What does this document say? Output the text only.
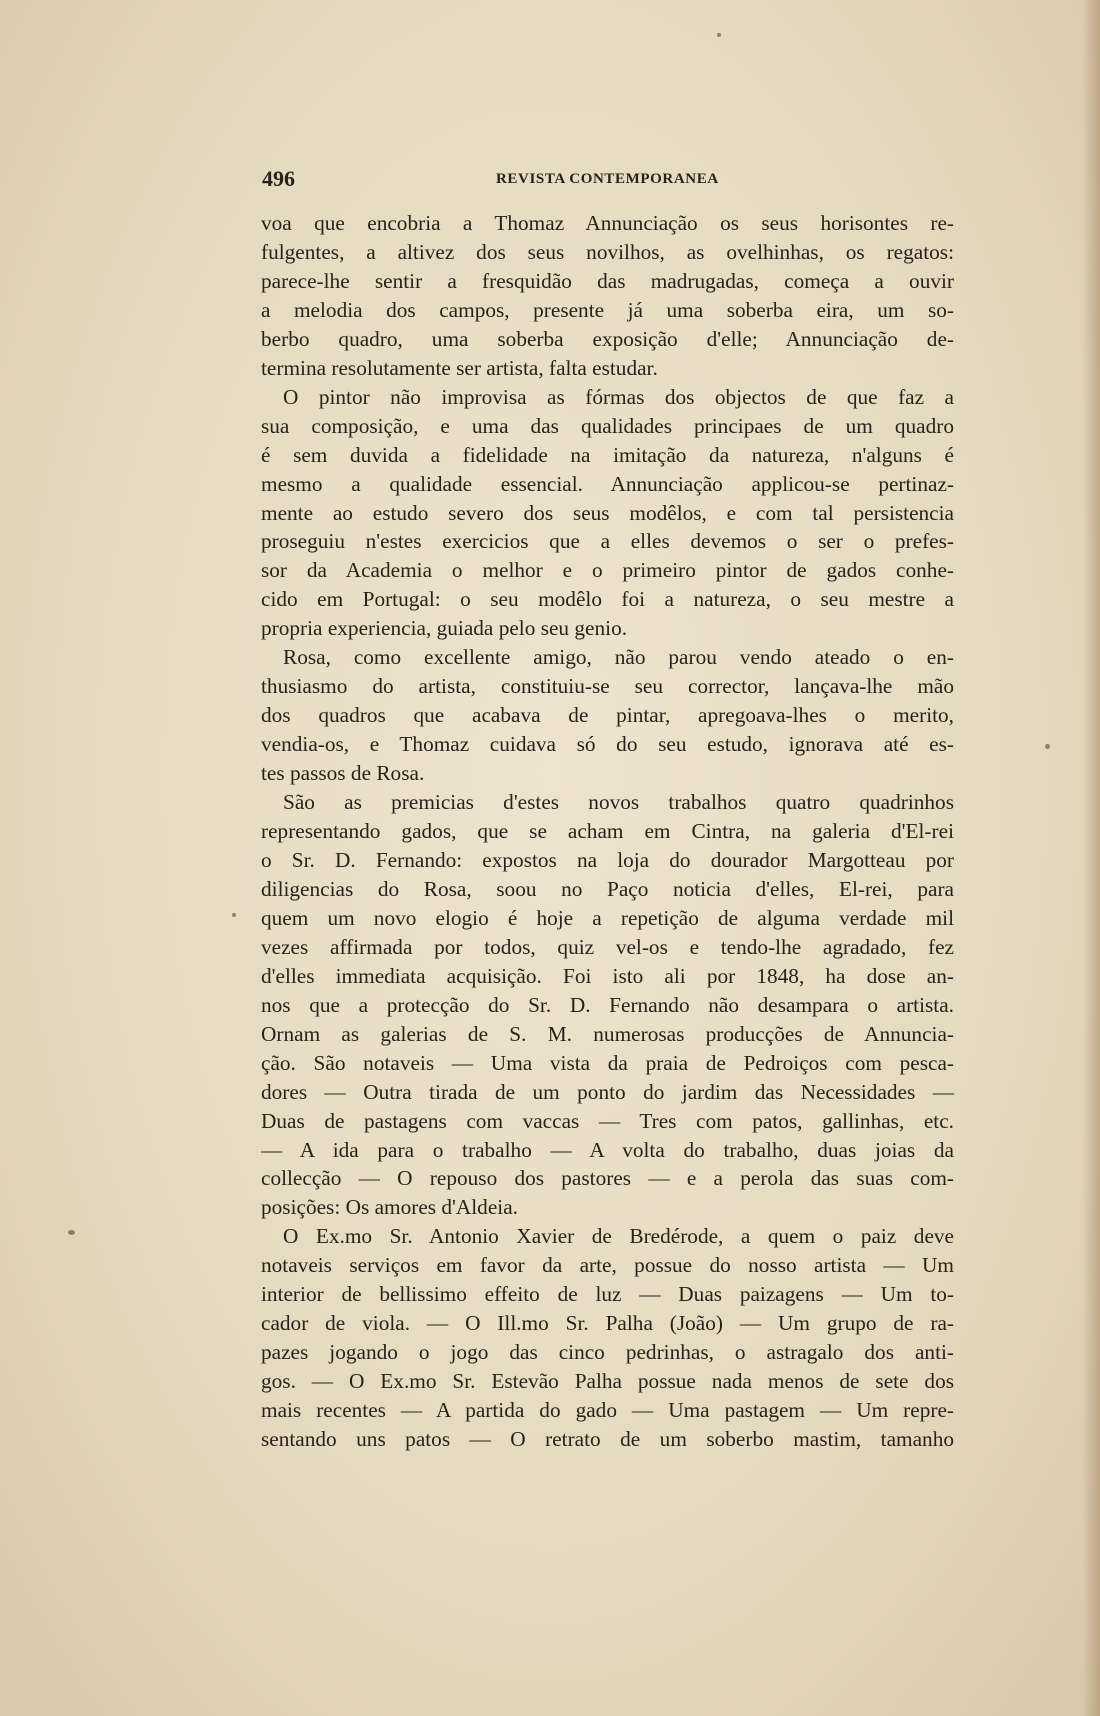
496	REVISTA CONTEMPORANEA

voa que encobria a Thomaz Annunciação os seus horisontes re-

fulgentes, a altivez dos seus novilhos, as ovelhinhas, os regatos:

parece-lhe sentir a fresquidão das madrugadas, começa a ouvir

a melodia dos campos, presente já uma soberba eira, um so-

berbo quadro, uma soberba exposição d'elle; Annunciação de-

termina resolutamente ser artista, falta estudar.

O pintor não improvisa as fórmas dos objectos de que faz a

sua composição, e uma das qualidades principaes de um quadro

é sem duvida a fidelidade na imitação da natureza, n'alguns é

mesmo a qualidade essencial. Annunciação applicou-se pertinaz-

mente ao estudo severo dos seus modêlos, e com tal persistencia

proseguiu n'estes exercicios que a elles devemos o ser o prefes-

sor da Academia o melhor e o primeiro pintor de gados conhe-

cido em Portugal: o seu modêlo foi a natureza, o seu mestre a

propria experiencia, guiada pelo seu genio.

Rosa, como excellente amigo, não parou vendo ateado o en-

thusiasmo do artista, constituiu-se seu corrector, lançava-lhe mão

dos quadros que acabava de pintar, apregoava-lhes o merito,

vendia-os, e Thomaz cuidava só do seu estudo, ignorava até es-

tes passos de Rosa.

São as premicias d'estes novos trabalhos quatro quadrinhos

representando gados, que se acham em Cintra, na galeria d'El-rei

o Sr. D. Fernando: expostos na loja do dourador Margotteau por

diligencias do Rosa, soou no Paço noticia d'elles, El-rei, para

quem um novo elogio é hoje a repetição de alguma verdade mil

vezes affirmada por todos, quiz vel-os e tendo-lhe agradado, fez

d'elles immediata acquisição. Foi isto ali por 1848, ha dose an-

nos que a protecção do Sr. D. Fernando não desampara o artista.

Ornam as galerias de S. M. numerosas producções de Annuncia-

ção. São notaveis — Uma vista da praia de Pedroiços com pesca-

dores — Outra tirada de um ponto do jardim das Necessidades —

Duas de pastagens com vaccas — Tres com patos, gallinhas, etc.

— A ida para o trabalho — A volta do trabalho, duas joias da

collecção — O repouso dos pastores — e a perola das suas com-

posições: Os amores d'Aldeia.

O Ex.mo Sr. Antonio Xavier de Bredérode, a quem o paiz deve

notaveis serviços em favor da arte, possue do nosso artista — Um

interior de bellissimo effeito de luz — Duas paizagens — Um to-

cador de viola. — O Ill.mo Sr. Palha (João) — Um grupo de ra-

pazes jogando o jogo das cinco pedrinhas, o astragalo dos anti-

gos. — O Ex.mo Sr. Estevão Palha possue nada menos de sete dos

mais recentes — A partida do gado — Uma pastagem — Um repre-

sentando uns patos — O retrato de um soberbo mastim, tamanho
